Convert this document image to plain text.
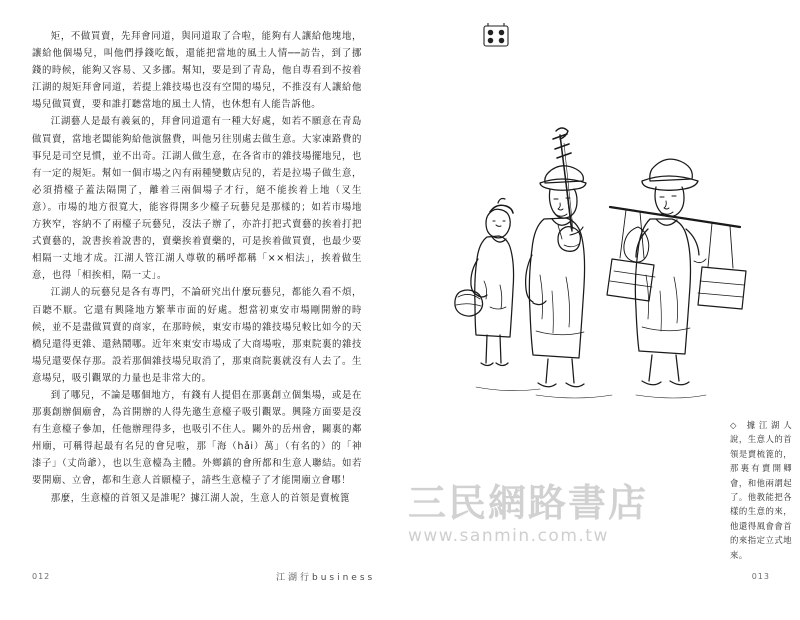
矩，不做買賣，先拜會同道，與同道取了合啦，能夠有人讓給他塊地，讓給他個場兒，叫他們掙錢吃飯，還能把當地的風土人情──訪告，到了挪錢的時候，能夠又容易、又多挪。幫知，要是到了青島，他自專看到不按着江湖的規矩拜會同道，若提上雜技場也沒有空閒的場兒，不推沒有人讓給他場兒做買賣，要和誰打聽當地的風土人情，也休想有人能告訴他。

江湖藝人是最有義氣的，拜會同道還有一種大好處，如若不願意在青島做買賣，當地老闆能夠給他演盤費，叫他另往別處去做生意。大家凍路費的事兒是司空見慣，並不出奇。江湖人做生意，在各省市的雜技場擺地兒，也有一定的規矩。幫如一個市場之內有兩種變數店兒的，若是拉場子做生意，必須揹檯子蓋法隔開了，離着三兩個場子才行，絕不能挨着上地（叉生意）。市場的地方很寬大，能容得開多少檯子玩藝兒是那樣的；如若市場地方狹窄，容納不了兩檯子玩藝兒，沒法子辦了，亦許打把式賣藝的挨着打把式賣藝的，說書挨着說書的，賣藥挨着賣藥的，可是挨着做買賣，也最少要相隔一丈地才成。江湖人管江湖人尊敬的稱呼都稱「××相法」，挨着做生意，也得「相挨相，隔一丈」。

江湖人的玩藝兒是各有專門，不論研究出什麼玩藝兒，都能久看不煩，百聽不厭。它還有興隆地方繁華市面的好處。想當初東安市場剛開辦的時候，並不是盡做買賣的商家，在那時候，東安市場的雜技場兒較比如今的天橋兒還得更雜、還熱鬧哪。近年來東安市場成了大商場啦，那東院裏的雜技場兒還要保存那。設若那個雜技場兒取消了，那東商院裏就沒有人去了。生意場兒，吸引觀眾的力量也是非常大的。

到了哪兒，不論是哪個地方，有錢有人提倡在那裏創立個集場，或是在那裏創辦個廟會，為首開辦的人得先邀生意檯子吸引觀眾。興隆方面要是沒有生意檯子參加，任他辦理得多，也吸引不住人。關外的岳州會，關裏的鄰州廟，可稱得起最有名兒的會兒啦，那「海（hǎi）萬」（有名的）的「神漆子」（丈尚爺），也以生意檯為主體。外鄉鎮的會所都和生意人聯結。如若要開廟、立會，都和生意人首願檯子，請些生意檯子了才能開廟立會哪！

那麼，生意檯的首領又是誰呢？據江湖人說，生意人的首領是賣梳篦

012	江湖行business
◇ 據江湖人說，生意人的首領是賣梳篦的，那裏有賣開卿會，和他兩謂起了。他教能把各樣的生意的來，他還得風會會首的來指定立式地來。
013
三民網路書店
www.sanmin.com.tw
